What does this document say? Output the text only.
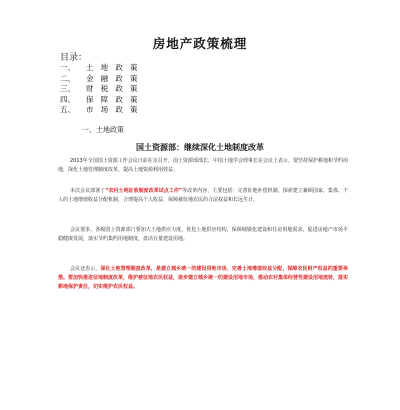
房地产政策梳理
目录：
一、	土 地 政 策
二、	金 融 政 策
三、	财 税 政 策
四、	保 障 政 策
五、	市 场 政 策
一、土地政策
国土资源部：继续深化土地制度改革

2013年全国国土资源工作会议日前在京召开，国土资源部部长、中国土地学会理事长在会议上表示，要坚持保护耕地和节约用地，深化土地管理制度改革，提高土地资源利用效益。

本次会议部署了“农村土地征收制度改革试点工作”等改革内容，主要包括：完善征地补偿机制，探索建立兼顾国家、集体、个人的土地增值收益分配机制，合理提高个人收益，保障被征地农民的合法权益和长远生计。

会议要求，各级国土资源部门要加大土地供应力度，优化土地供应结构，保障城镇化建设和住房用地需求，促进房地产市场平稳健康发展，落实节约集约用地制度，盘活存量建设用地。

会议还表示，深化土地管理制度改革，是建立城乡统一的建设用地市场、完善土地增值收益分配、保障农民财产权益的重要举措。要加快推进征地制度改革，维护被征地农民权益，逐步建立城乡统一的建设用地市场，推动农村集体经营性建设用地流转，落实耕地保护责任，切实维护农民权益。
